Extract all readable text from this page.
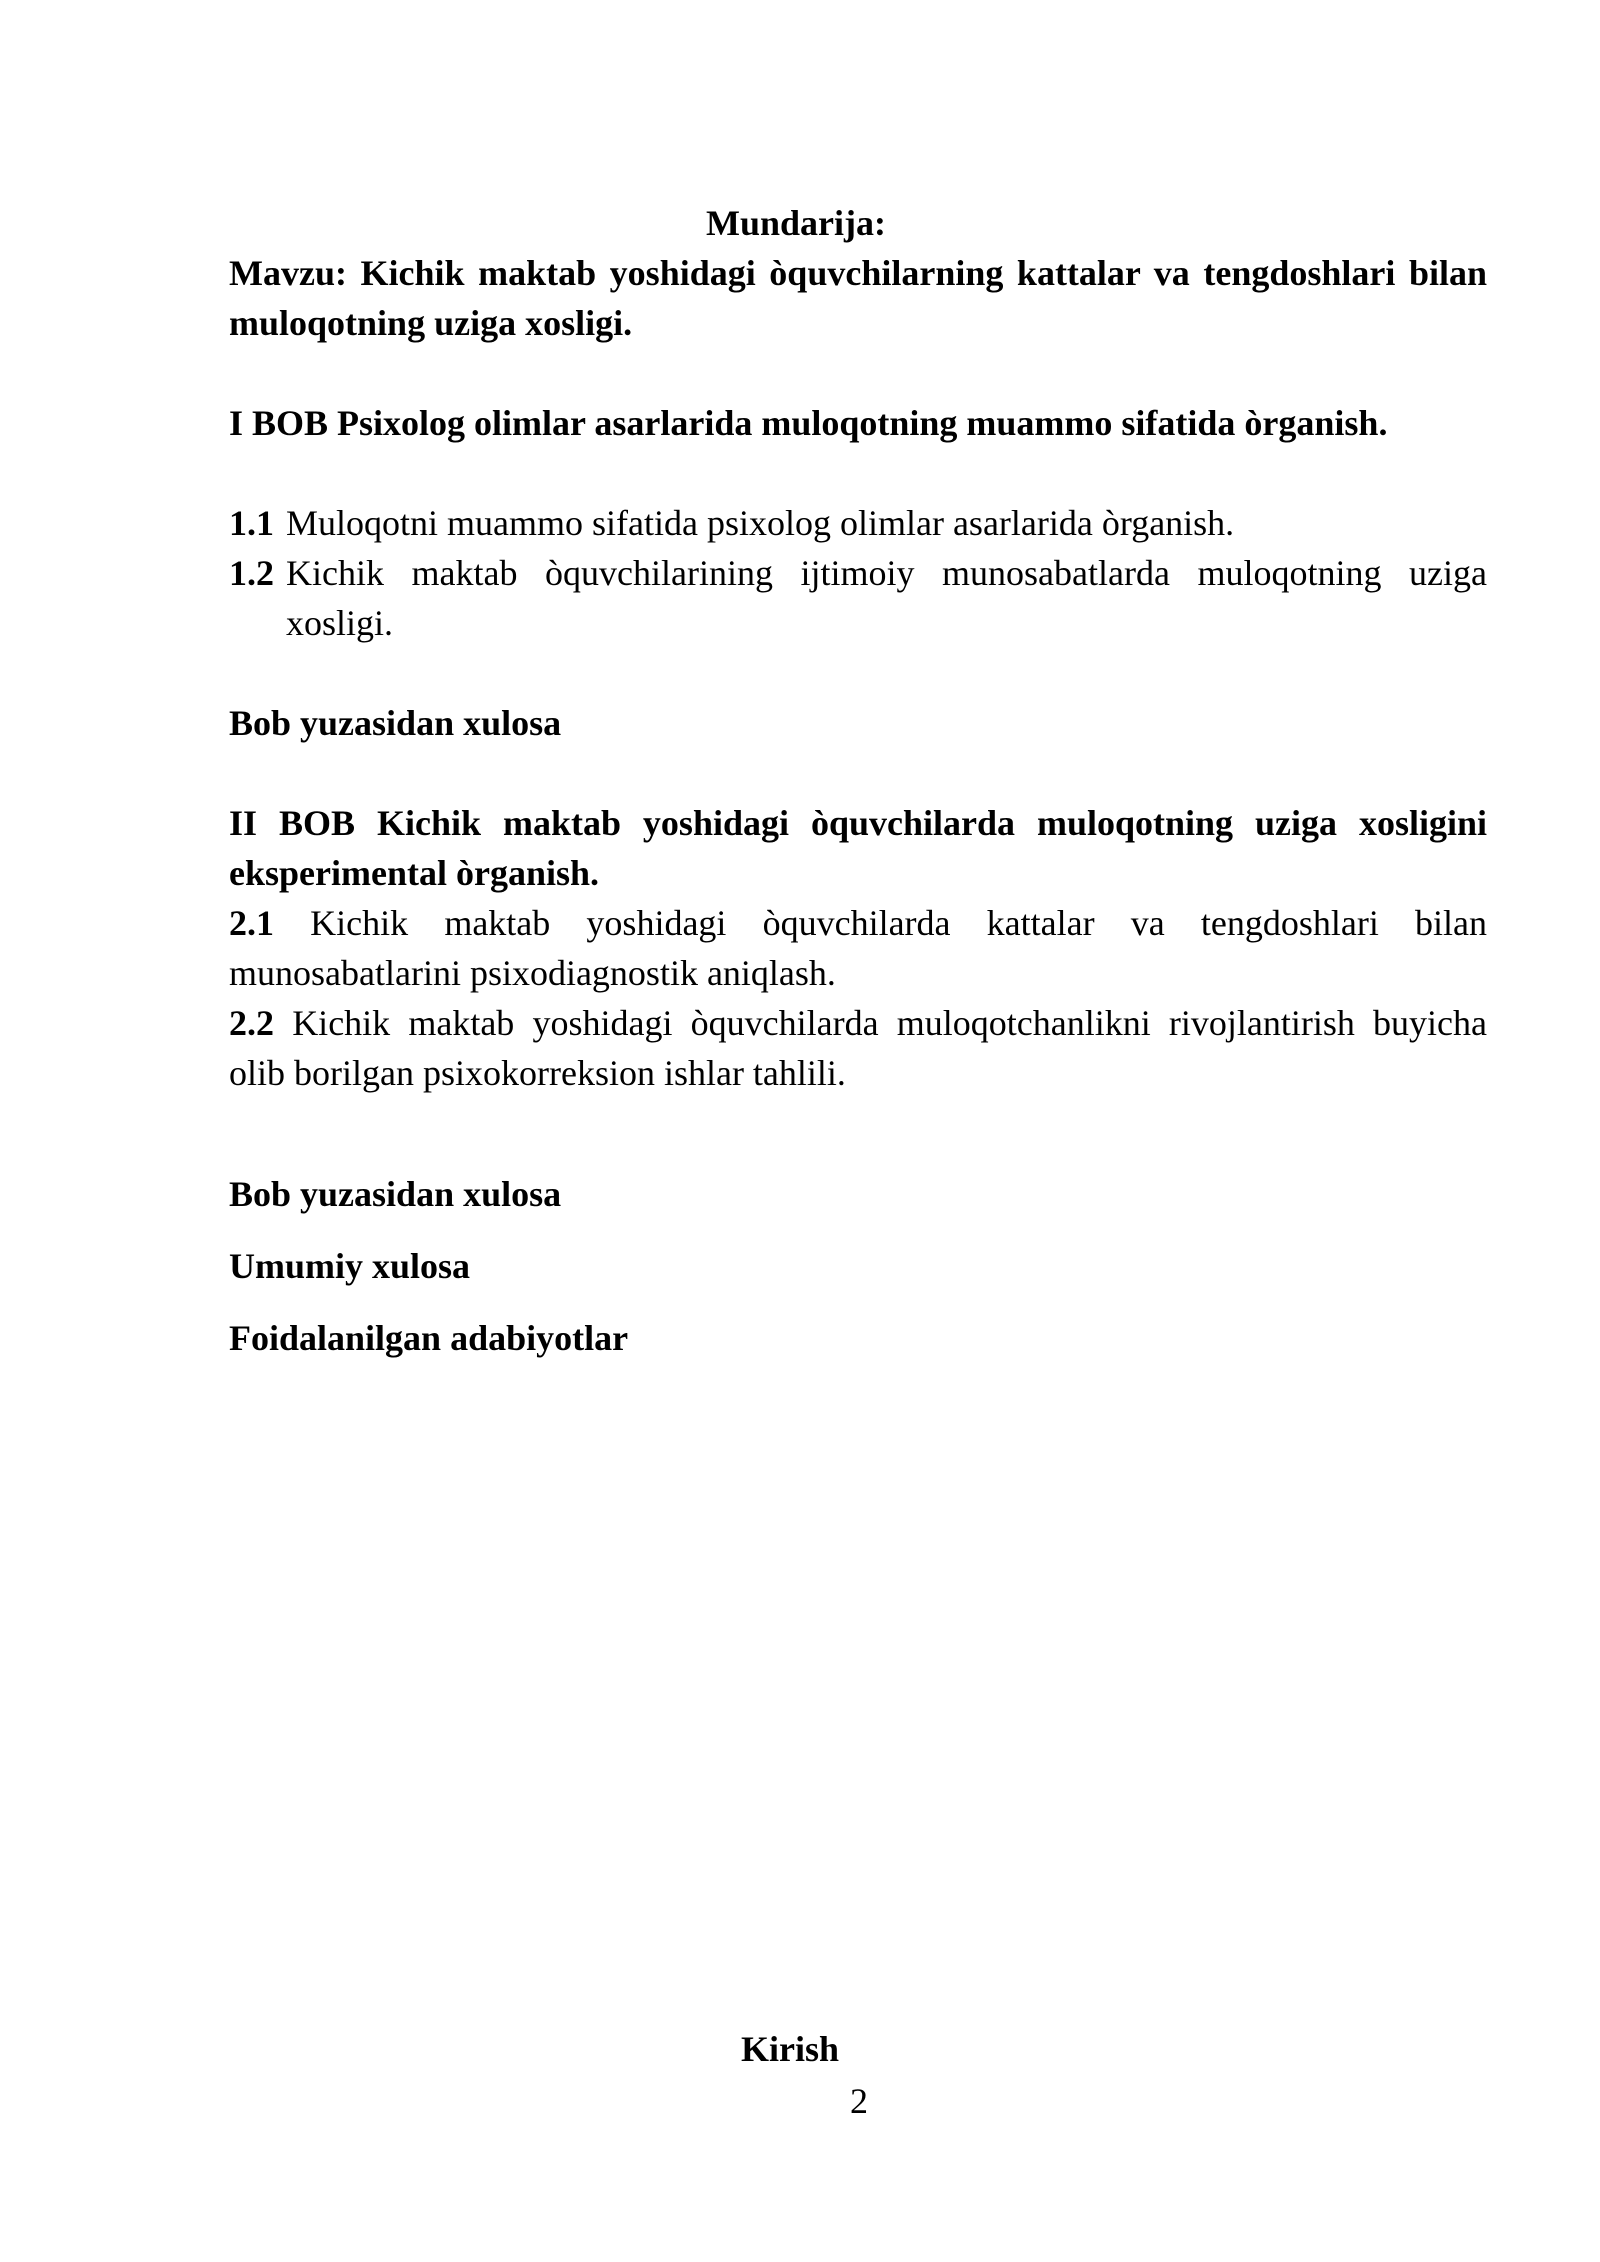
Mundarija:

Mavzu: Kichik maktab yoshidagi òquvchilarning kattalar va tengdoshlari bilan muloqotning uziga xosligi.

I BOB Psixolog olimlar asarlarida muloqotning muammo sifatida òrganish.

1.1 Muloqotni muammo sifatida psixolog olimlar asarlarida òrganish.
1.2 Kichik maktab òquvchilarining ijtimoiy munosabatlarda muloqotning uziga xosligi.

Bob yuzasidan xulosa

II BOB Kichik maktab yoshidagi òquvchilarda muloqotning uziga xosligini eksperimental òrganish.

2.1 Kichik maktab yoshidagi òquvchilarda kattalar va tengdoshlari bilan munosabatlarini psixodiagnostik aniqlash.

2.2 Kichik maktab yoshidagi òquvchilarda muloqotchanlikni rivojlantirish buyicha olib borilgan psixokorreksion ishlar tahlili.

Bob yuzasidan xulosa

Umumiy xulosa

Foidalanilgan adabiyotlar

Kirish
2
